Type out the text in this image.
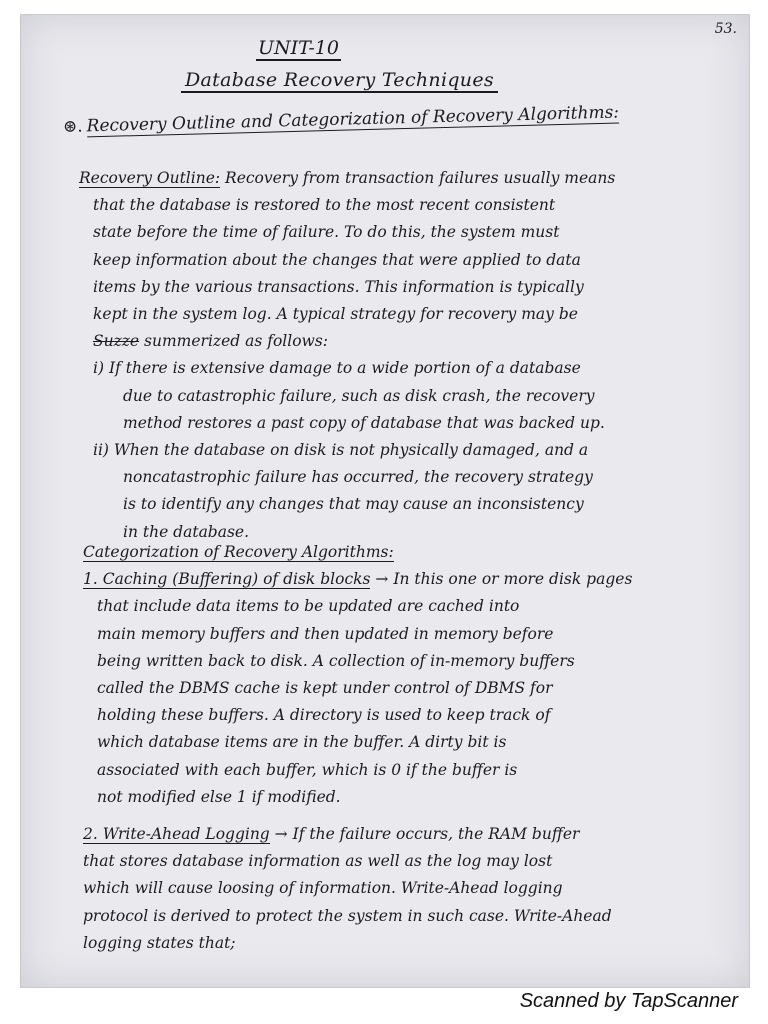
53.
UNIT-10
Database Recovery Techniques
⊛. Recovery Outline and Categorization of Recovery Algorithms:
Recovery Outline: Recovery from transaction failures usually means
that the database is restored to the most recent consistent
state before the time of failure. To do this, the system must
keep information about the changes that were applied to data
items by the various transactions. This information is typically
kept in the system log. A typical strategy for recovery may be
Suzze summerized as follows:
i) If there is extensive damage to a wide portion of a database
due to catastrophic failure, such as disk crash, the recovery
method restores a past copy of database that was backed up.
ii) When the database on disk is not physically damaged, and a
noncatastrophic failure has occurred, the recovery strategy
is to identify any changes that may cause an inconsistency
in the database.
Categorization of Recovery Algorithms:
1. Caching (Buffering) of disk blocks → In this one or more disk pages
that include data items to be updated are cached into
main memory buffers and then updated in memory before
being written back to disk. A collection of in-memory buffers
called the DBMS cache is kept under control of DBMS for
holding these buffers. A directory is used to keep track of
which database items are in the buffer. A dirty bit is
associated with each buffer, which is 0 if the buffer is
not modified else 1 if modified.
2. Write-Ahead Logging → If the failure occurs, the RAM buffer
that stores database information as well as the log may lost
which will cause loosing of information. Write-Ahead logging
protocol is derived to protect the system in such case. Write-Ahead
logging states that;
Scanned by TapScanner
